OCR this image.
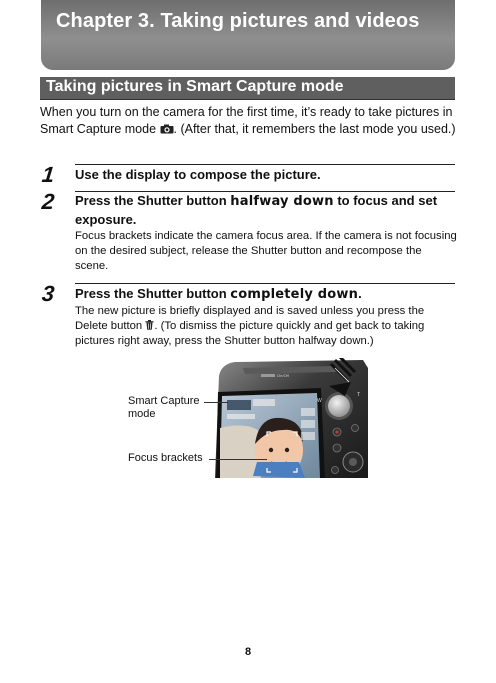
Chapter 3. Taking pictures and videos
Taking pictures in Smart Capture mode
When you turn on the camera for the first time, it’s ready to take pictures in Smart Capture mode . (After that, it remembers the last mode you used.)
1 Use the display to compose the picture.
2 Press the Shutter button halfway down to focus and set exposure.
Focus brackets indicate the camera focus area. If the camera is not focusing on the desired subject, release the Shutter button and recompose the scene.
3 Press the Shutter button completely down.
The new picture is briefly displayed and is saved unless you press the Delete button . (To dismiss the picture quickly and get back to taking pictures right away, press the Shutter button halfway down.)
On/Off
W
T
Smart Capture
mode
Focus brackets
8
